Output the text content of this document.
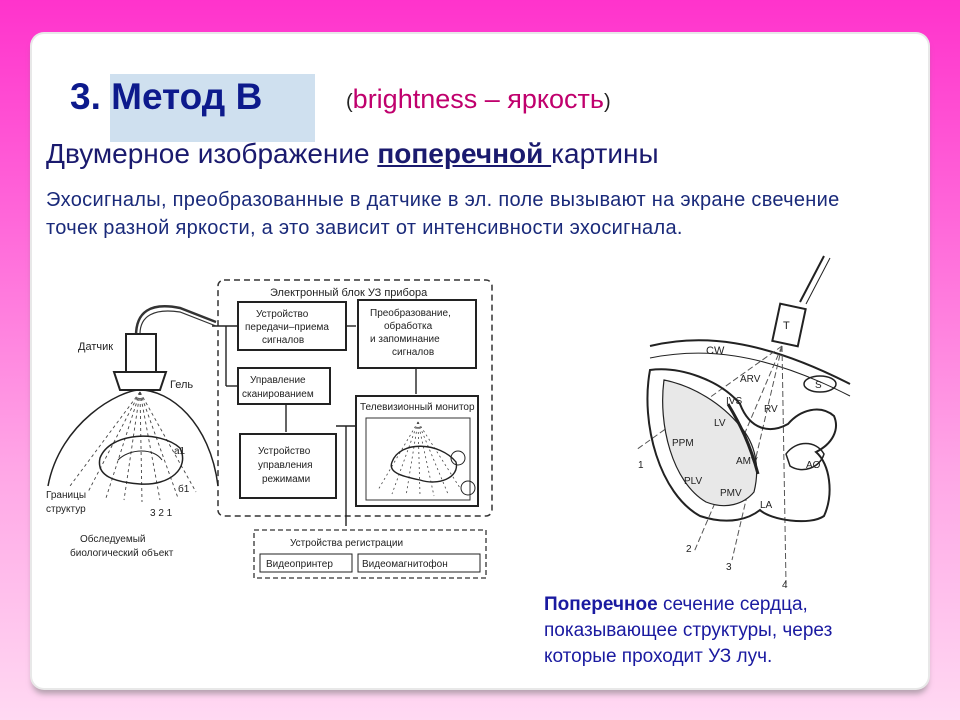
3. Метод В	(brightness – яркость)
Двумерное изображение поперечной картины
Эхосигналы, преобразованные в датчике в эл. поле вызывают на экране свечение точек разной яркости, а это зависит от интенсивности эхосигнала.
Электронный блок УЗ прибора
Устройство
передачи–приема
сигналов
Преобразование,
обработка
и запоминание
сигналов
Управление
сканированием
Телевизионный монитор
Устройство
управления
режимами
Устройства регистрации
Видеопринтер	Видеомагнитофон
Датчик
Гель
а1
б1
Границы
структур	3 2 1
Обследуемый
биологический объект
T
CW
S
ARV
IVS
RV
LV
PPM
AMV	AO
PLV
PMV
LA
1
2
3
4
Поперечное сечение сердца, показывающее структуры, через которые проходит УЗ луч.
